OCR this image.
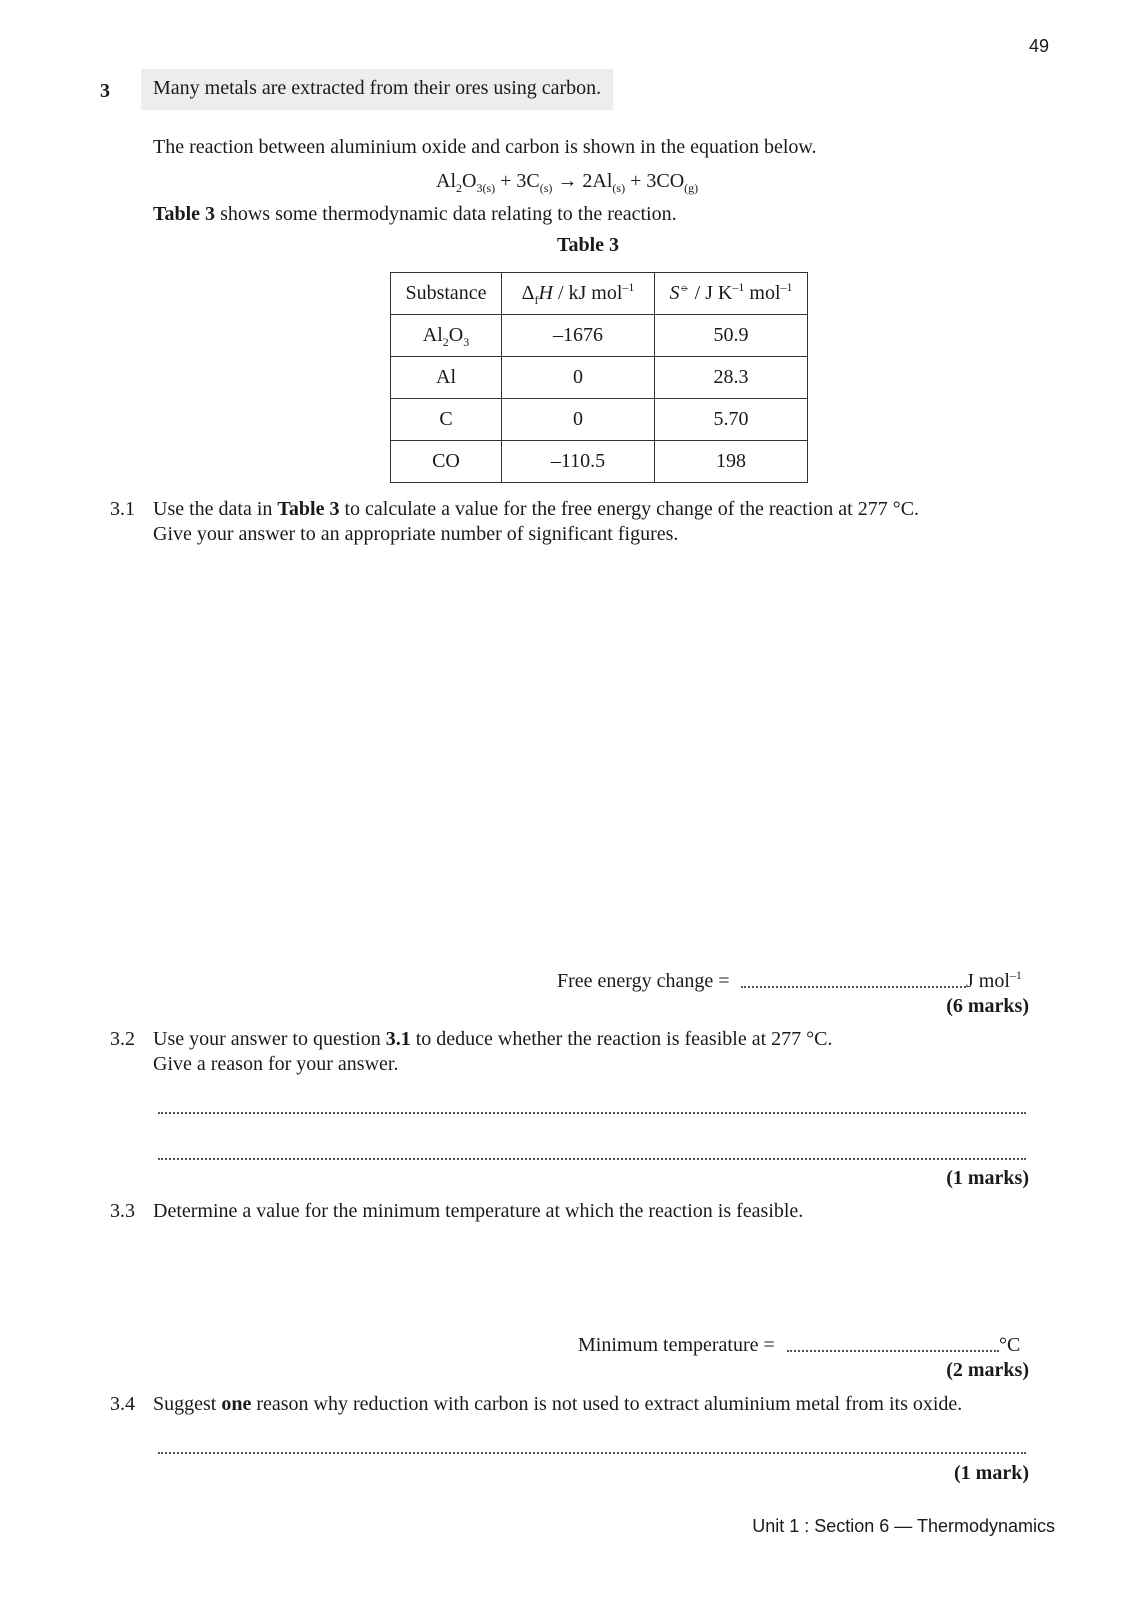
49
3	Many metals are extracted from their ores using carbon.
The reaction between aluminium oxide and carbon is shown in the equation below.
$Al_2O_{3(s)} + 3C_{(s)} \to 2Al_{(s)} + 3CO_{(g)}$
Table 3 shows some thermodynamic data relating to the reaction.
Table 3
Substance	$\Delta_fH$ / kJ mol$^{-1}$	S⦵ / J $K^{-1}$ mol$^{-1}$
$Al_2O_3$	–1676	50.9
Al	0	28.3
C	0	5.70
CO	–110.5	198
3.1 Use the data in Table 3 to calculate a value for the free energy change of the reaction at 277 °C.
Give your answer to an appropriate number of significant figures.
Free energy change =	J mol$^{-1}$
(6 marks)
3.2 Use your answer to question 3.1 to deduce whether the reaction is feasible at 277 °C.
Give a reason for your answer.
(1 marks)
3.3 Determine a value for the minimum temperature at which the reaction is feasible.
Minimum temperature =	°C
(2 marks)
3.4 Suggest one reason why reduction with carbon is not used to extract aluminium metal from its oxide.
(1 mark)
Unit 1 : Section 6 — Thermodynamics
